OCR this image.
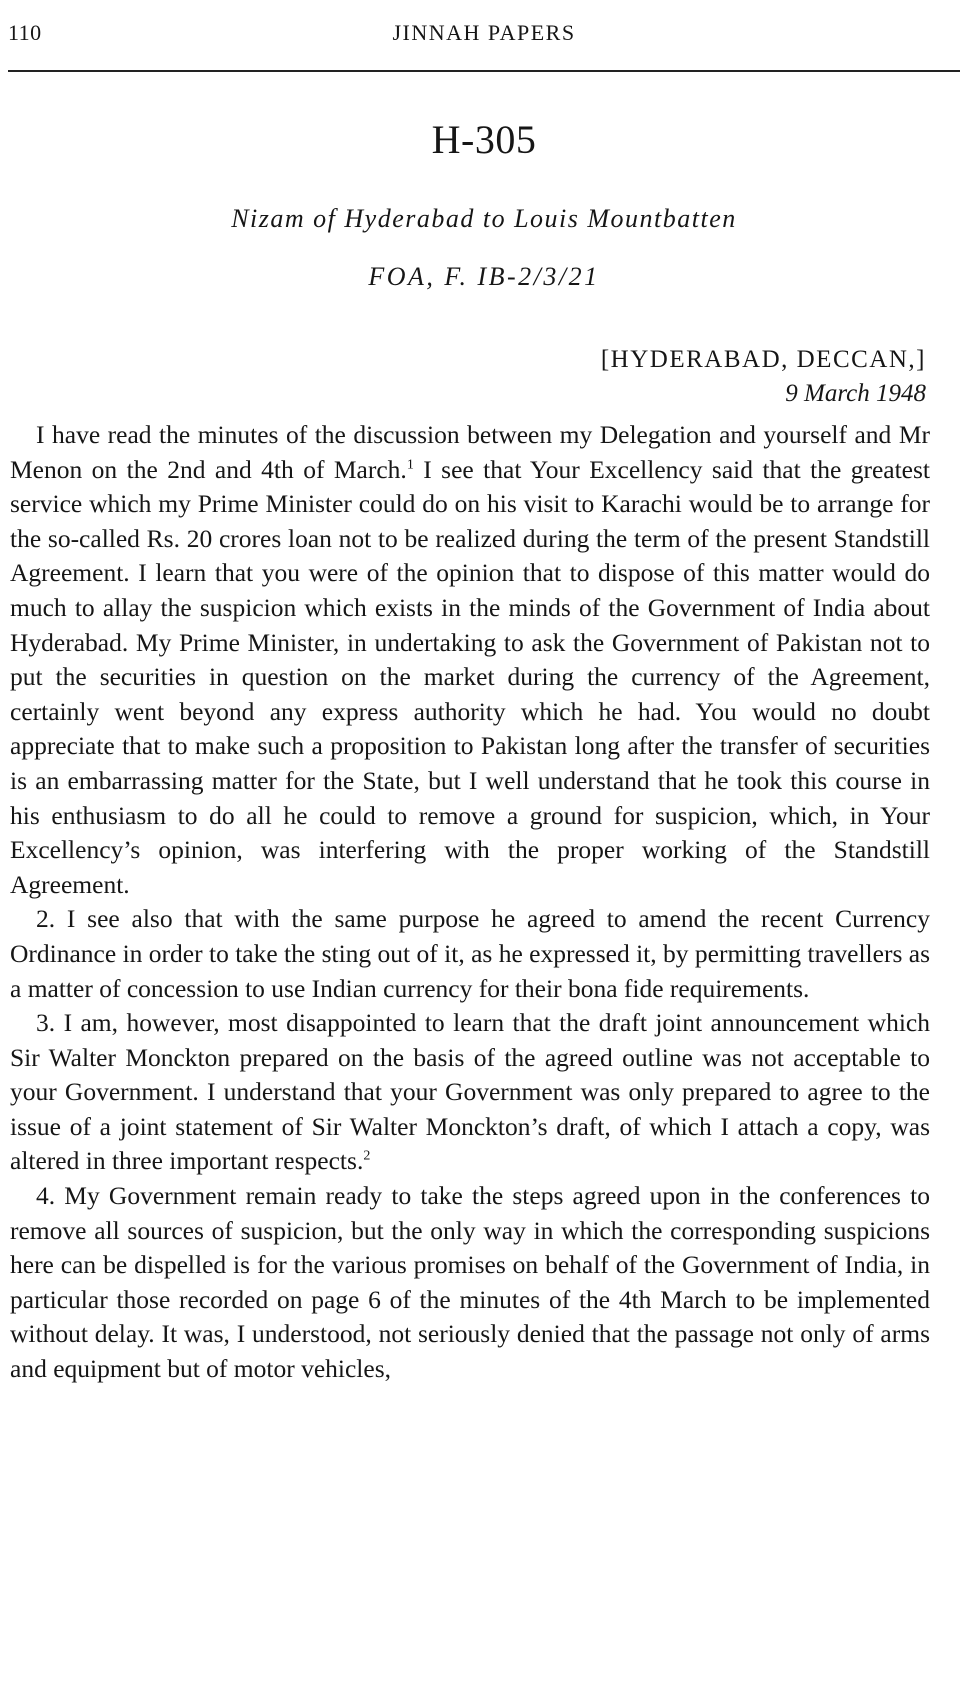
110	JINNAH PAPERS
H-305
Nizam of Hyderabad to Louis Mountbatten
FOA, F. IB-2/3/21
[HYDERABAD, DECCAN,]
9 March 1948

I have read the minutes of the discussion between my Delegation and yourself and Mr Menon on the 2nd and 4th of March.$^1$ I see that Your Excellency said that the greatest service which my Prime Minister could do on his visit to Karachi would be to arrange for the so-called Rs. 20 crores loan not to be realized during the term of the present Standstill Agreement. I learn that you were of the opinion that to dispose of this matter would do much to allay the suspicion which exists in the minds of the Government of India about Hyderabad. My Prime Minister, in undertaking to ask the Government of Pakistan not to put the securities in question on the market during the currency of the Agreement, certainly went beyond any express authority which he had. You would no doubt appreciate that to make such a proposition to Pakistan long after the transfer of securities is an embarrassing matter for the State, but I well understand that he took this course in his enthusiasm to do all he could to remove a ground for suspicion, which, in Your Excellency’s opinion, was interfering with the proper working of the Standstill Agreement.

2. I see also that with the same purpose he agreed to amend the recent Currency Ordinance in order to take the sting out of it, as he expressed it, by permitting travellers as a matter of concession to use Indian currency for their bona fide requirements.

3. I am, however, most disappointed to learn that the draft joint announcement which Sir Walter Monckton prepared on the basis of the agreed outline was not acceptable to your Government. I understand that your Government was only prepared to agree to the issue of a joint statement of Sir Walter Monckton’s draft, of which I attach a copy, was altered in three important respects.$^2$

4. My Government remain ready to take the steps agreed upon in the conferences to remove all sources of suspicion, but the only way in which the corresponding suspicions here can be dispelled is for the various promises on behalf of the Government of India, in particular those recorded on page 6 of the minutes of the 4th March to be implemented without delay. It was, I understood, not seriously denied that the passage not only of arms and equipment but of motor vehicles,
